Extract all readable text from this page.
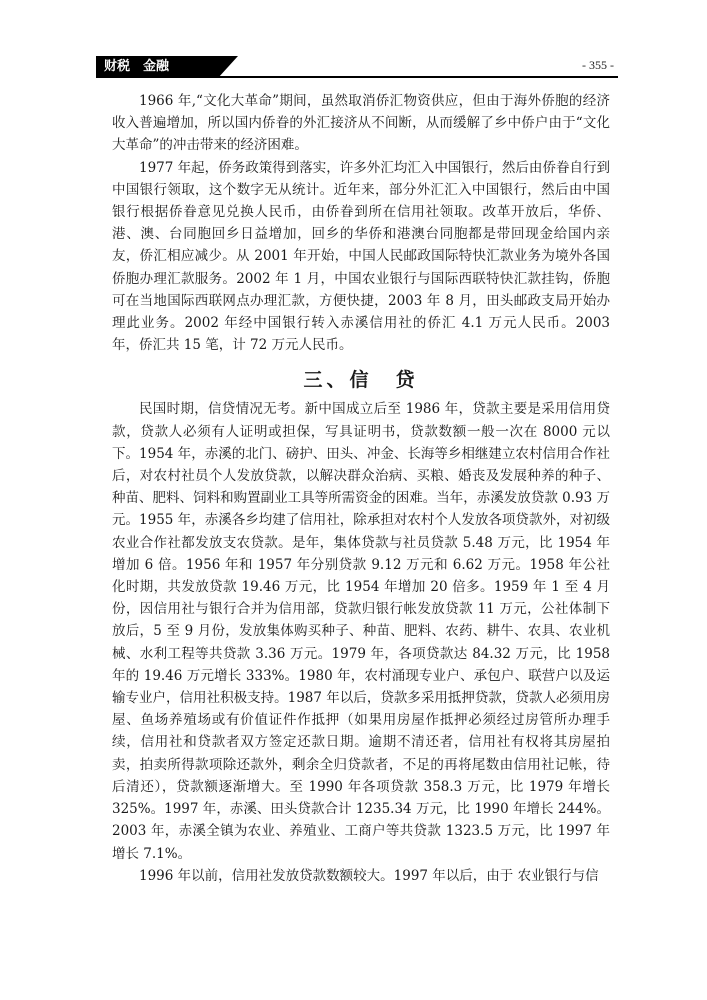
财税　金融	- 355 -

1966 年,“文化大革命”期间，虽然取消侨汇物资供应，但由于海外侨胞的经济收入普遍增加，所以国内侨眷的外汇接济从不间断，从而缓解了乡中侨户由于“文化大革命”的冲击带来的经济困难。

1977 年起，侨务政策得到落实，许多外汇均汇入中国银行，然后由侨眷自行到中国银行领取，这个数字无从统计。近年来，部分外汇汇入中国银行，然后由中国银行根据侨眷意见兑换人民币，由侨眷到所在信用社领取。改革开放后，华侨、港、澳、台同胞回乡日益增加，回乡的华侨和港澳台同胞都是带回现金给国内亲友，侨汇相应减少。从 2001 年开始，中国人民邮政国际特快汇款业务为境外各国侨胞办理汇款服务。2002 年 1 月，中国农业银行与国际西联特快汇款挂钩，侨胞可在当地国际西联网点办理汇款，方便快捷，2003 年 8 月，田头邮政支局开始办理此业务。2002 年经中国银行转入赤溪信用社的侨汇 4.1 万元人民币。2003 年，侨汇共 15 笔，计 72 万元人民币。

三、信　贷

民国时期，信贷情况无考。新中国成立后至 1986 年，贷款主要是采用信用贷款，贷款人必须有人证明或担保，写具证明书，贷款数额一般一次在 8000 元以下。1954 年，赤溪的北门、磅护、田头、冲金、长海等乡相继建立农村信用合作社后，对农村社员个人发放贷款，以解决群众治病、买粮、婚丧及发展种养的种子、种苗、肥料、饲料和购置副业工具等所需资金的困难。当年，赤溪发放贷款 0.93 万元。1955 年，赤溪各乡均建了信用社，除承担对农村个人发放各项贷款外，对初级农业合作社都发放支农贷款。是年，集体贷款与社员贷款 5.48 万元，比 1954 年增加 6 倍。1956 年和 1957 年分别贷款 9.12 万元和 6.62 万元。1958 年公社化时期，共发放贷款 19.46 万元，比 1954 年增加 20 倍多。1959 年 1 至 4 月份，因信用社与银行合并为信用部，贷款归银行帐发放贷款 11 万元，公社体制下放后，5 至 9 月份，发放集体购买种子、种苗、肥料、农药、耕牛、农具、农业机械、水利工程等共贷款 3.36 万元。1979 年，各项贷款达 84.32 万元，比 1958 年的 19.46 万元增长 333%。1980 年，农村涌现专业户、承包户、联营户以及运输专业户，信用社积极支持。1987 年以后，贷款多采用抵押贷款，贷款人必须用房屋、鱼场养殖场或有价值证件作抵押（如果用房屋作抵押必须经过房管所办理手续，信用社和贷款者双方签定还款日期。逾期不清还者，信用社有权将其房屋拍卖，拍卖所得款项除还款外，剩余全归贷款者，不足的再将尾数由信用社记帐，待后清还），贷款额逐渐增大。至 1990 年各项贷款 358.3 万元，比 1979 年增长 325%。1997 年，赤溪、田头贷款合计 1235.34 万元，比 1990 年增长 244%。2003 年，赤溪全镇为农业、养殖业、工商户等共贷款 1323.5 万元，比 1997 年增长 7.1%。

1996 年以前，信用社发放贷款数额较大。1997 年以后，由于 农业银行与信
